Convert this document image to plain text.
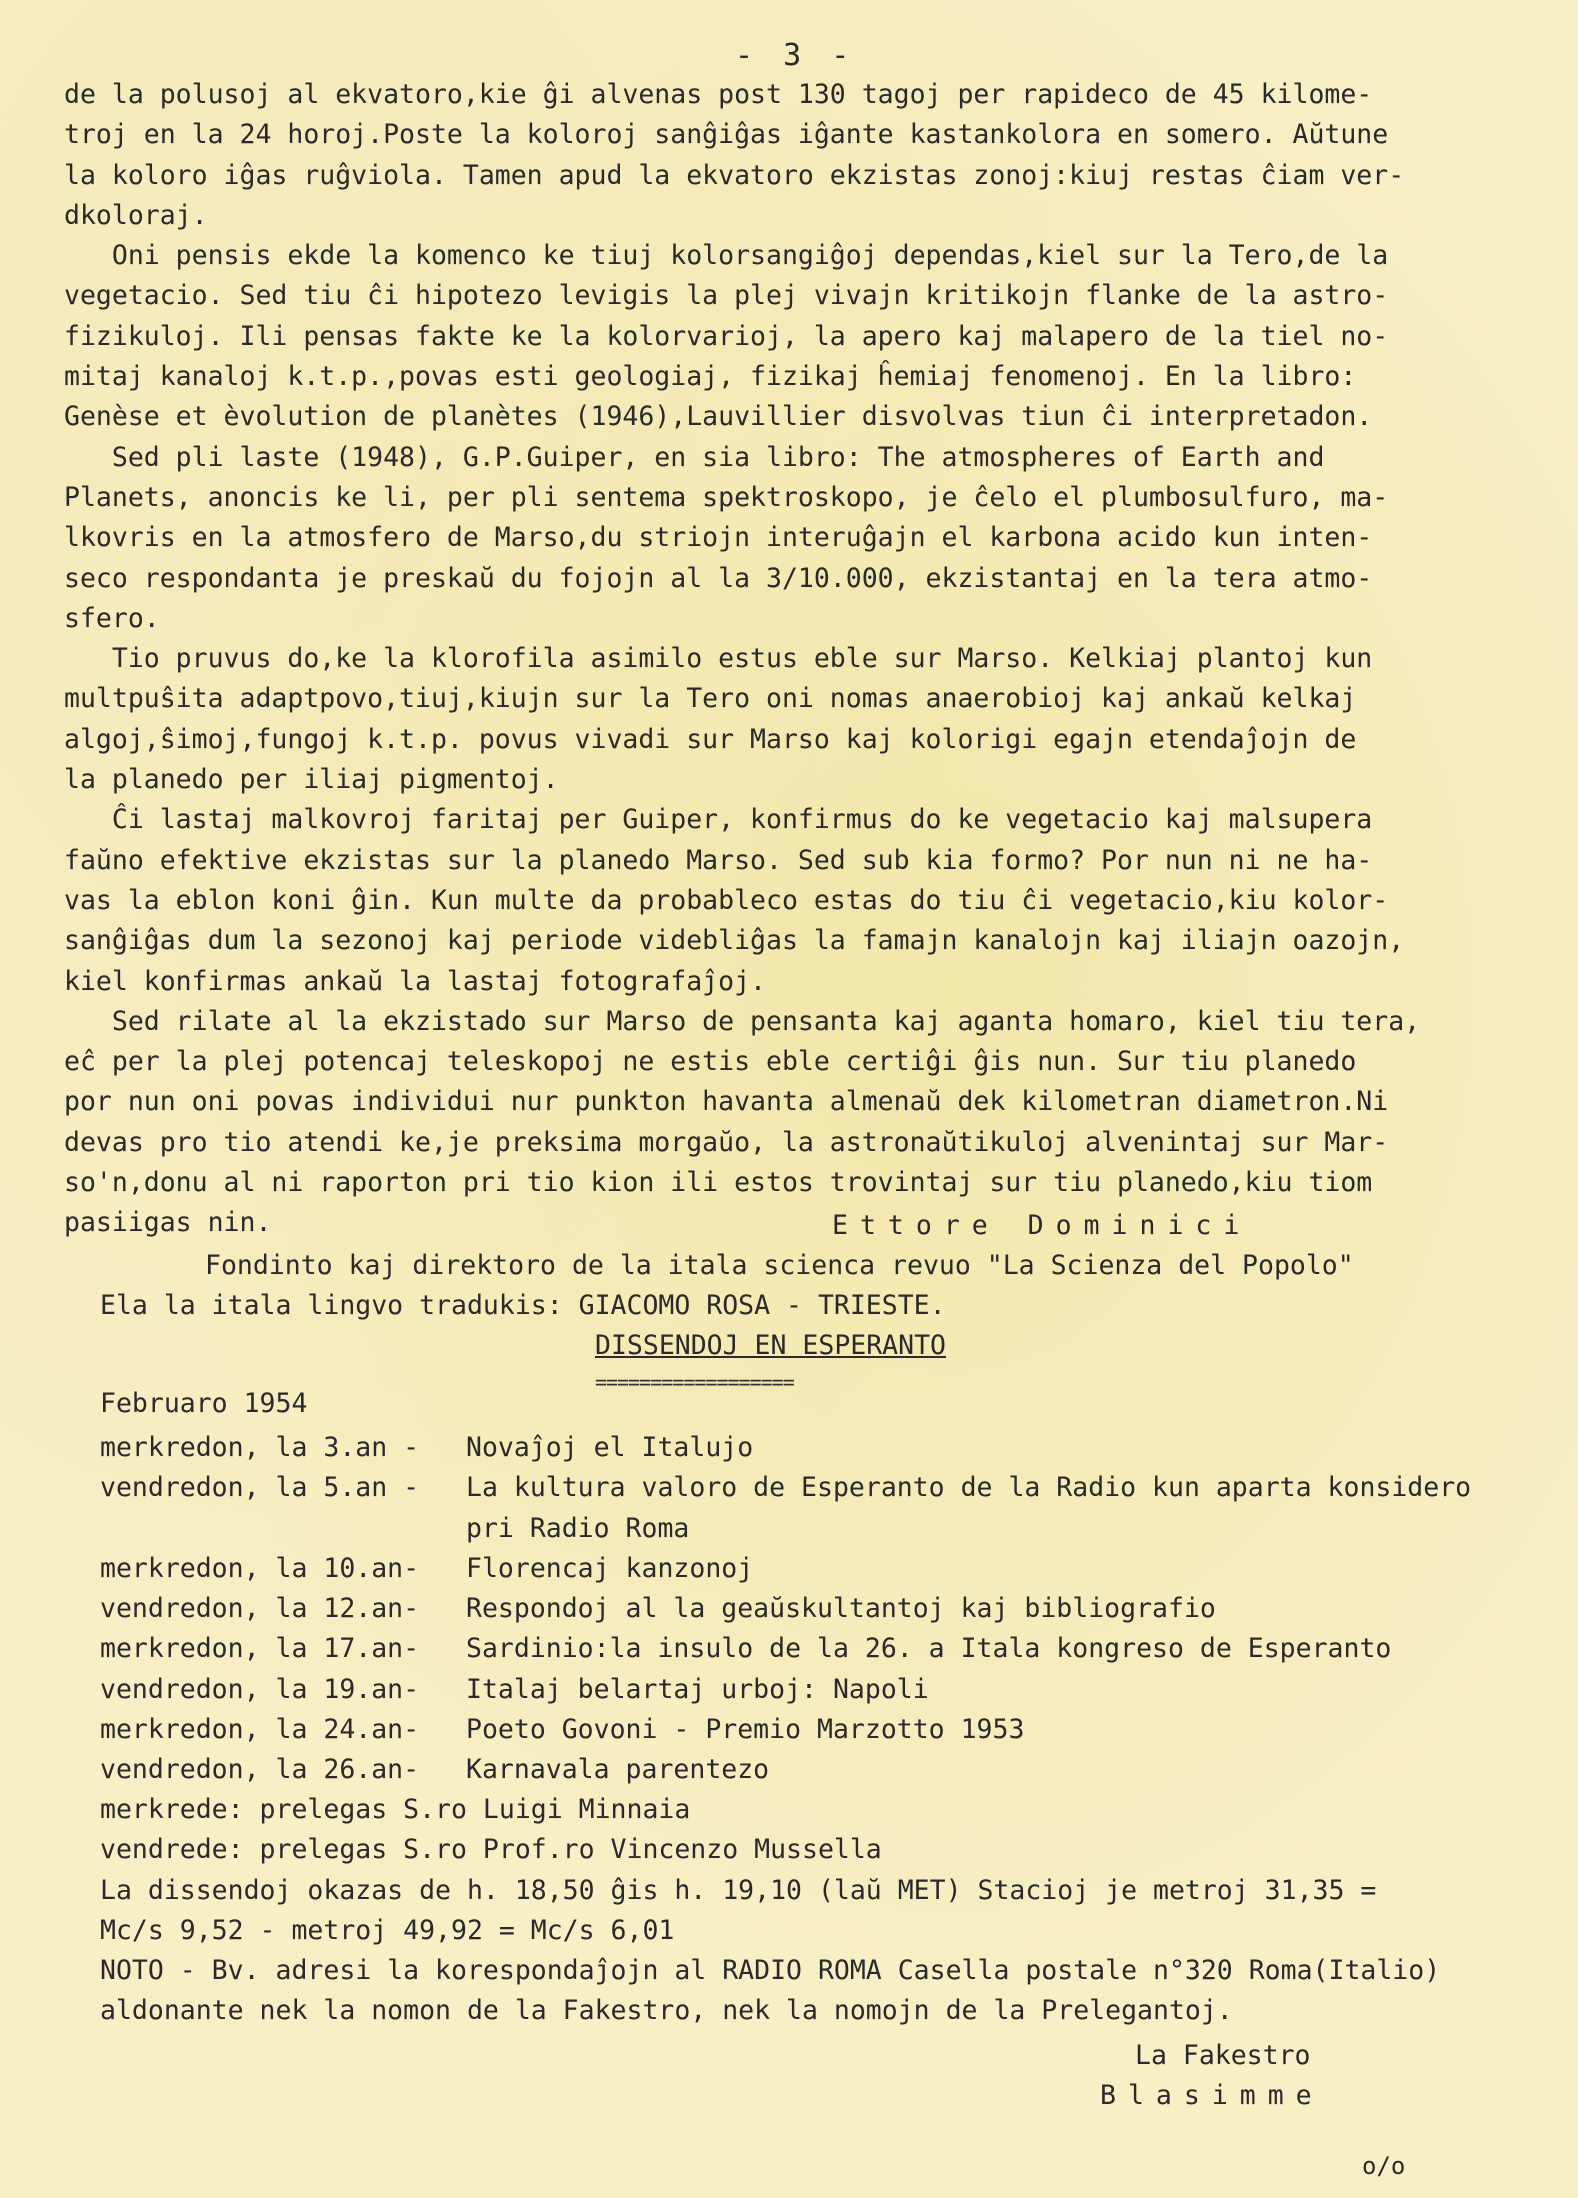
- 3 -
de la polusoj al ekvatoro,kie ĝi alvenas post 130 tagoj per rapideco de 45 kilome-
troj en la 24 horoj.Poste la koloroj sanĝiĝas iĝante kastankolora en somero. Aŭtune
la koloro iĝas ruĝviola. Tamen apud la ekvatoro ekzistas zonoj:kiuj restas ĉiam ver-
dkoloraj.
Oni pensis ekde la komenco ke tiuj kolorsangiĝoj dependas,kiel sur la Tero,de la
vegetacio. Sed tiu ĉi hipotezo levigis la plej vivajn kritikojn flanke de la astro-
fizikuloj. Ili pensas fakte ke la kolorvarioj, la apero kaj malapero de la tiel no-
mitaj kanaloj k.t.p.,povas esti geologiaj, fizikaj ĥemiaj fenomenoj. En la libro:
Genèse et èvolution de planètes (1946),Lauvillier disvolvas tiun ĉi interpretadon.
Sed pli laste (1948), G.P.Guiper, en sia libro: The atmospheres of Earth and
Planets, anoncis ke li, per pli sentema spektroskopo, je ĉelo el plumbosulfuro, ma-
lkovris en la atmosfero de Marso,du striojn interuĝajn el karbona acido kun inten-
seco respondanta je preskaŭ du fojojn al la 3/10.000, ekzistantaj en la tera atmo-
sfero.
Tio pruvus do,ke la klorofila asimilo estus eble sur Marso. Kelkiaj plantoj kun
multpuŝita adaptpovo,tiuj,kiujn sur la Tero oni nomas anaerobioj kaj ankaŭ kelkaj
algoj,ŝimoj,fungoj k.t.p. povus vivadi sur Marso kaj kolorigi egajn etendaĵojn de
la planedo per iliaj pigmentoj.
Ĉi lastaj malkovroj faritaj per Guiper, konfirmus do ke vegetacio kaj malsupera
faŭno efektive ekzistas sur la planedo Marso. Sed sub kia formo? Por nun ni ne ha-
vas la eblon koni ĝin. Kun multe da probableco estas do tiu ĉi vegetacio,kiu kolor-
sanĝiĝas dum la sezonoj kaj periode videbliĝas la famajn kanalojn kaj iliajn oazojn,
kiel konfirmas ankaŭ la lastaj fotografaĵoj.
Sed rilate al la ekzistado sur Marso de pensanta kaj aganta homaro, kiel tiu tera,
eĉ per la plej potencaj teleskopoj ne estis eble certiĝi ĝis nun. Sur tiu planedo
por nun oni povas individui nur punkton havanta almenaŭ dek kilometran diametron.Ni
devas pro tio atendi ke,je preksima morgaŭo, la astronaŭtikuloj alvenintaj sur Mar-
so'n,donu al ni raporton pri tio kion ili estos trovintaj sur tiu planedo,kiu tiom
pasiigas nin.	Ettore Dominici
Fondinto kaj direktoro de la itala scienca revuo "La Scienza del Popolo"
Ela la itala lingvo tradukis: GIACOMO ROSA - TRIESTE.
DISSENDOJ EN ESPERANTO
==================
Februaro 1954
merkredon, la 3.an -	Novaĵoj el Italujo
vendredon, la 5.an -	La kultura valoro de Esperanto de la Radio kun aparta konsidero
pri Radio Roma
merkredon, la 10.an-	Florencaj kanzonoj
vendredon, la 12.an-	Respondoj al la geaŭskultantoj kaj bibliografio
merkredon, la 17.an-	Sardinio:la insulo de la 26. a Itala kongreso de Esperanto
vendredon, la 19.an-	Italaj belartaj urboj: Napoli
merkredon, la 24.an-	Poeto Govoni - Premio Marzotto 1953
vendredon, la 26.an-	Karnavala parentezo
merkrede: prelegas S.ro Luigi Minnaia
vendrede: prelegas S.ro Prof.ro Vincenzo Mussella
La dissendoj okazas de h. 18,50 ĝis h. 19,10 (laŭ MET) Stacioj je metroj 31,35 =
Mc/s 9,52 - metroj 49,92 = Mc/s 6,01
NOTO - Bv. adresi la korespondaĵojn al RADIO ROMA Casella postale n°320 Roma(Italio)
aldonante nek la nomon de la Fakestro, nek la nomojn de la Prelegantoj.
La Fakestro
Blasimme
o/o
